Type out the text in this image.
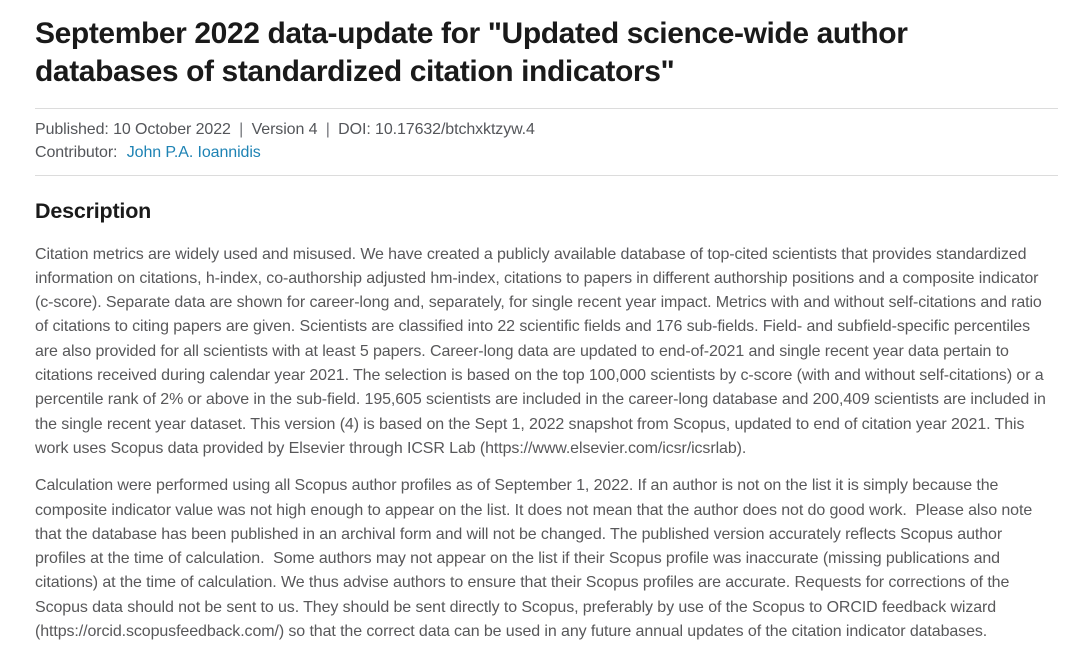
September 2022 data-update for "Updated science-wide author databases of standardized citation indicators"
Published: 10 October 2022 | Version 4 | DOI: 10.17632/btchxktzyw.4
Contributor: John P.A. Ioannidis
Description

Citation metrics are widely used and misused. We have created a publicly available database of top-cited scientists that provides standardized information on citations, h-index, co-authorship adjusted hm-index, citations to papers in different authorship positions and a composite indicator (c-score). Separate data are shown for career-long and, separately, for single recent year impact. Metrics with and without self-citations and ratio of citations to citing papers are given. Scientists are classified into 22 scientific fields and 176 sub-fields. Field- and subfield-specific percentiles are also provided for all scientists with at least 5 papers. Career-long data are updated to end-of-2021 and single recent year data pertain to citations received during calendar year 2021. The selection is based on the top 100,000 scientists by c-score (with and without self-citations) or a percentile rank of 2% or above in the sub-field. 195,605 scientists are included in the career-long database and 200,409 scientists are included in the single recent year dataset. This version (4) is based on the Sept 1, 2022 snapshot from Scopus, updated to end of citation year 2021. This work uses Scopus data provided by Elsevier through ICSR Lab (https://www.elsevier.com/icsr/icsrlab).

Calculation were performed using all Scopus author profiles as of September 1, 2022. If an author is not on the list it is simply because the composite indicator value was not high enough to appear on the list. It does not mean that the author does not do good work.  Please also note that the database has been published in an archival form and will not be changed. The published version accurately reflects Scopus author profiles at the time of calculation.  Some authors may not appear on the list if their Scopus profile was inaccurate (missing publications and citations) at the time of calculation. We thus advise authors to ensure that their Scopus profiles are accurate. Requests for corrections of the Scopus data should not be sent to us. They should be sent directly to Scopus, preferably by use of the Scopus to ORCID feedback wizard (https://orcid.scopusfeedback.com/) so that the correct data can be used in any future annual updates of the citation indicator databases.
